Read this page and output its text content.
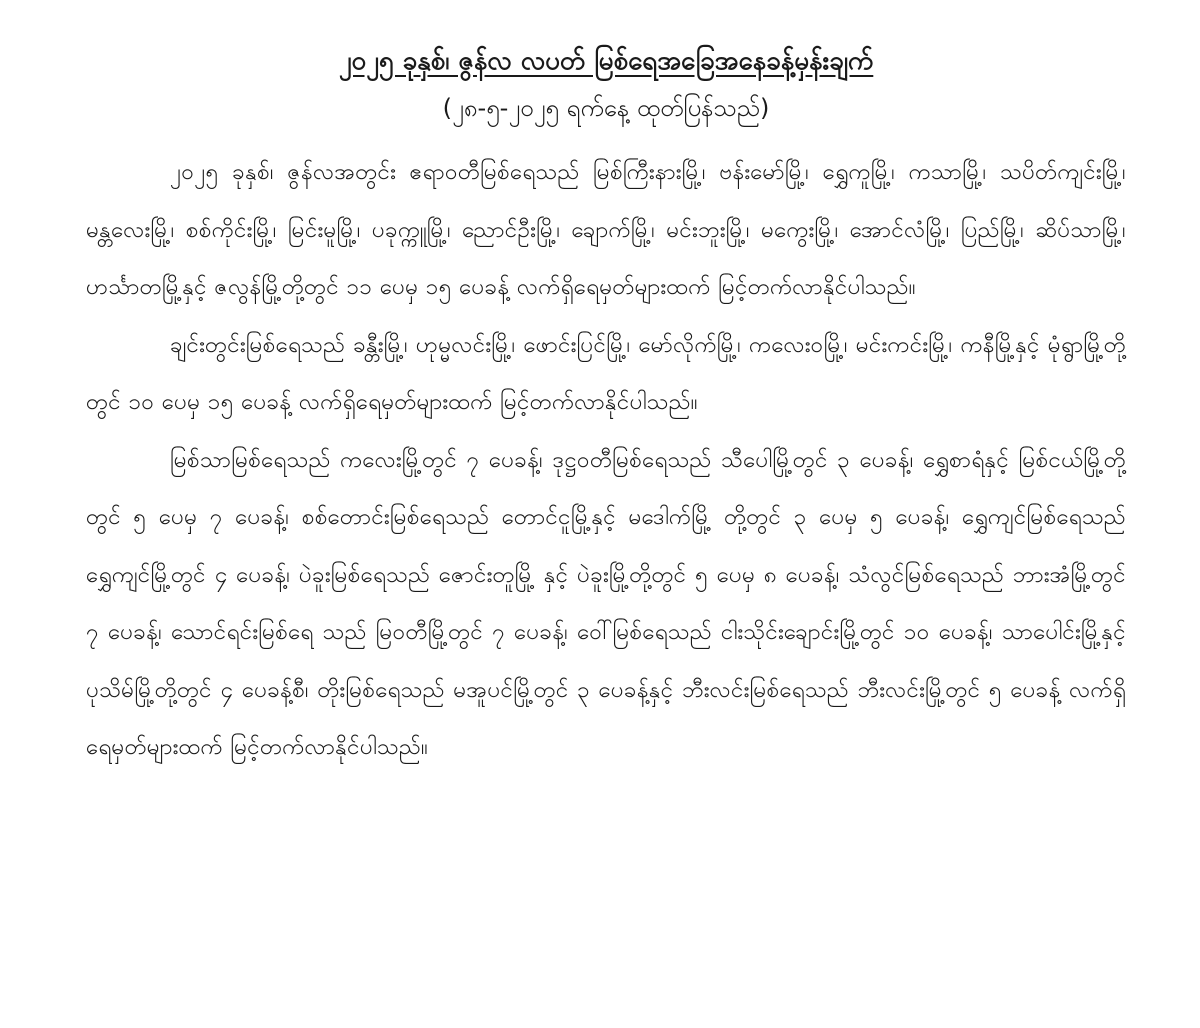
၂၀၂၅ ခုနှစ်၊ ဇွန်လ လပတ် မြစ်ရေအခြေအနေခန့်မှန်းချက်

(၂၈-၅-၂၀၂၅ ရက်နေ့ ထုတ်ပြန်သည်)

၂၀၂၅ ခုနှစ်၊ ဇွန်လအတွင်း ဧရာဝတီမြစ်ရေသည် မြစ်ကြီးနားမြို့၊ ဗန်းမော်မြို့၊ ရွှေကူမြို့၊ ကသာမြို့၊ သပိတ်ကျင်းမြို့၊ မန္တလေးမြို့၊ စစ်ကိုင်းမြို့၊ မြင်းမူမြို့၊ ပခုက္ကူမြို့၊ ညောင်ဦးမြို့၊ ချောက်မြို့၊ မင်းဘူးမြို့၊ မကွေးမြို့၊ အောင်လံမြို့၊ ပြည်မြို့၊ ဆိပ်သာမြို့၊ ဟင်္သာတမြို့နှင့် ဇလွန်မြို့တို့တွင် ၁၁ ပေမှ ၁၅ ပေခန့် လက်ရှိရေမှတ်များထက် မြင့်တက်လာနိုင်ပါသည်။

ချင်းတွင်းမြစ်ရေသည် ခန္တီးမြို့၊ ဟုမ္မလင်းမြို့၊ ဖောင်းပြင်မြို့၊ မော်လိုက်မြို့၊ ကလေးဝမြို့၊ မင်းကင်းမြို့၊ ကနီမြို့နှင့် မုံရွာမြို့တို့တွင် ၁၀ ပေမှ ၁၅ ပေခန့် လက်ရှိရေမှတ်များထက် မြင့်တက်လာနိုင်ပါသည်။

မြစ်သာမြစ်ရေသည် ကလေးမြို့တွင် ၇ ပေခန့်၊ ဒုဋ္ဌဝတီမြစ်ရေသည် သီပေါမြို့တွင် ၃ ပေခန့်၊ ရွှေစာရံနှင့် မြစ်ငယ်မြို့တို့တွင် ၅ ပေမှ ၇ ပေခန့်၊ စစ်တောင်းမြစ်ရေသည် တောင်ငူမြို့နှင့် မဒေါက်မြို့ တို့တွင် ၃ ပေမှ ၅ ပေခန့်၊ ရွှေကျင်မြစ်ရေသည် ရွှေကျင်မြို့တွင် ၄ ပေခန့်၊ ပဲခူးမြစ်ရေသည် ဇောင်းတူမြို့ နှင့် ပဲခူးမြို့တို့တွင် ၅ ပေမှ ၈ ပေခန့်၊ သံလွင်မြစ်ရေသည် ဘားအံမြို့တွင် ၇ ပေခန့်၊ သောင်ရင်းမြစ်ရေ သည် မြဝတီမြို့တွင် ၇ ပေခန့်၊ ဝေါ်မြစ်ရေသည် ငါးသိုင်းချောင်းမြို့တွင် ၁၀ ပေခန့်၊ သာပေါင်းမြို့နှင့် ပုသိမ်မြို့တို့တွင် ၄ ပေခန့်စီ၊ တိုးမြစ်ရေသည် မအူပင်မြို့တွင် ၃ ပေခန့်နှင့် ဘီးလင်းမြစ်ရေသည် ဘီးလင်းမြို့တွင် ၅ ပေခန့် လက်ရှိရေမှတ်များထက် မြင့်တက်လာနိုင်ပါသည်။
